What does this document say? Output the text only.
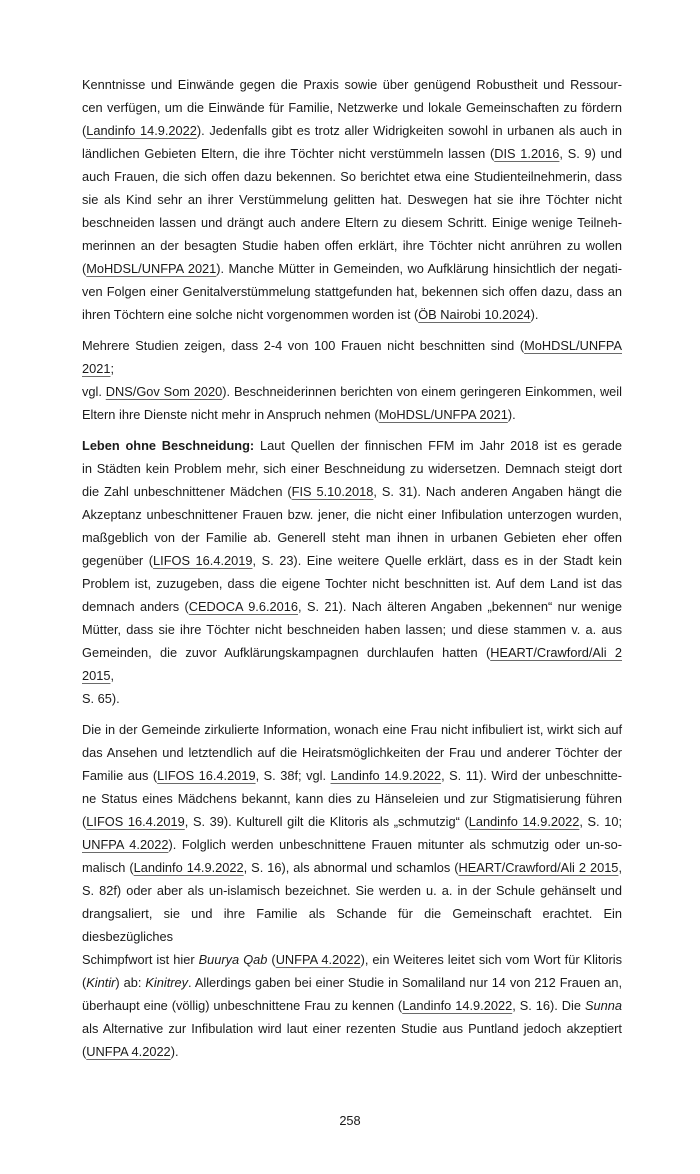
Kenntnisse und Einwände gegen die Praxis sowie über genügend Robustheit und Ressour-
cen verfügen, um die Einwände für Familie, Netzwerke und lokale Gemeinschaften zu fördern
(Landinfo 14.9.2022). Jedenfalls gibt es trotz aller Widrigkeiten sowohl in urbanen als auch in
ländlichen Gebieten Eltern, die ihre Töchter nicht verstümmeln lassen (DIS 1.2016, S. 9) und
auch Frauen, die sich offen dazu bekennen. So berichtet etwa eine Studienteilnehmerin, dass
sie als Kind sehr an ihrer Verstümmelung gelitten hat. Deswegen hat sie ihre Töchter nicht
beschneiden lassen und drängt auch andere Eltern zu diesem Schritt. Einige wenige Teilneh-
merinnen an der besagten Studie haben offen erklärt, ihre Töchter nicht anrühren zu wollen
(MoHDSL/UNFPA 2021). Manche Mütter in Gemeinden, wo Aufklärung hinsichtlich der negati-
ven Folgen einer Genitalverstümmelung stattgefunden hat, bekennen sich offen dazu, dass an
ihren Töchtern eine solche nicht vorgenommen worden ist (ÖB Nairobi 10.2024).
Mehrere Studien zeigen, dass 2-4 von 100 Frauen nicht beschnitten sind (MoHDSL/UNFPA 2021;
vgl. DNS/Gov Som 2020). Beschneiderinnen berichten von einem geringeren Einkommen, weil
Eltern ihre Dienste nicht mehr in Anspruch nehmen (MoHDSL/UNFPA 2021).
Leben ohne Beschneidung: Laut Quellen der finnischen FFM im Jahr 2018 ist es gerade
in Städten kein Problem mehr, sich einer Beschneidung zu widersetzen. Demnach steigt dort
die Zahl unbeschnittener Mädchen (FIS 5.10.2018, S. 31). Nach anderen Angaben hängt die
Akzeptanz unbeschnittener Frauen bzw. jener, die nicht einer Infibulation unterzogen wurden,
maßgeblich von der Familie ab. Generell steht man ihnen in urbanen Gebieten eher offen
gegenüber (LIFOS 16.4.2019, S. 23). Eine weitere Quelle erklärt, dass es in der Stadt kein
Problem ist, zuzugeben, dass die eigene Tochter nicht beschnitten ist. Auf dem Land ist das
demnach anders (CEDOCA 9.6.2016, S. 21). Nach älteren Angaben „bekennen“ nur wenige
Mütter, dass sie ihre Töchter nicht beschneiden haben lassen; und diese stammen v. a. aus
Gemeinden, die zuvor Aufklärungskampagnen durchlaufen hatten (HEART/Crawford/Ali 2 2015,
S. 65).
Die in der Gemeinde zirkulierte Information, wonach eine Frau nicht infibuliert ist, wirkt sich auf
das Ansehen und letztendlich auf die Heiratsmöglichkeiten der Frau und anderer Töchter der
Familie aus (LIFOS 16.4.2019, S. 38f; vgl. Landinfo 14.9.2022, S. 11). Wird der unbeschnitte-
ne Status eines Mädchens bekannt, kann dies zu Hänseleien und zur Stigmatisierung führen
(LIFOS 16.4.2019, S. 39). Kulturell gilt die Klitoris als „schmutzig“ (Landinfo 14.9.2022, S. 10;
UNFPA 4.2022). Folglich werden unbeschnittene Frauen mitunter als schmutzig oder un-so-
malisch (Landinfo 14.9.2022, S. 16), als abnormal und schamlos (HEART/Crawford/Ali 2 2015,
S. 82f) oder aber als un-islamisch bezeichnet. Sie werden u. a. in der Schule gehänselt und
drangsaliert, sie und ihre Familie als Schande für die Gemeinschaft erachtet. Ein diesbezügliches
Schimpfwort ist hier Buurya Qab (UNFPA 4.2022), ein Weiteres leitet sich vom Wort für Klitoris
(Kintir) ab: Kinitrey. Allerdings gaben bei einer Studie in Somaliland nur 14 von 212 Frauen an,
überhaupt eine (völlig) unbeschnittene Frau zu kennen (Landinfo 14.9.2022, S. 16). Die Sunna
als Alternative zur Infibulation wird laut einer rezenten Studie aus Puntland jedoch akzeptiert
(UNFPA 4.2022).
258
